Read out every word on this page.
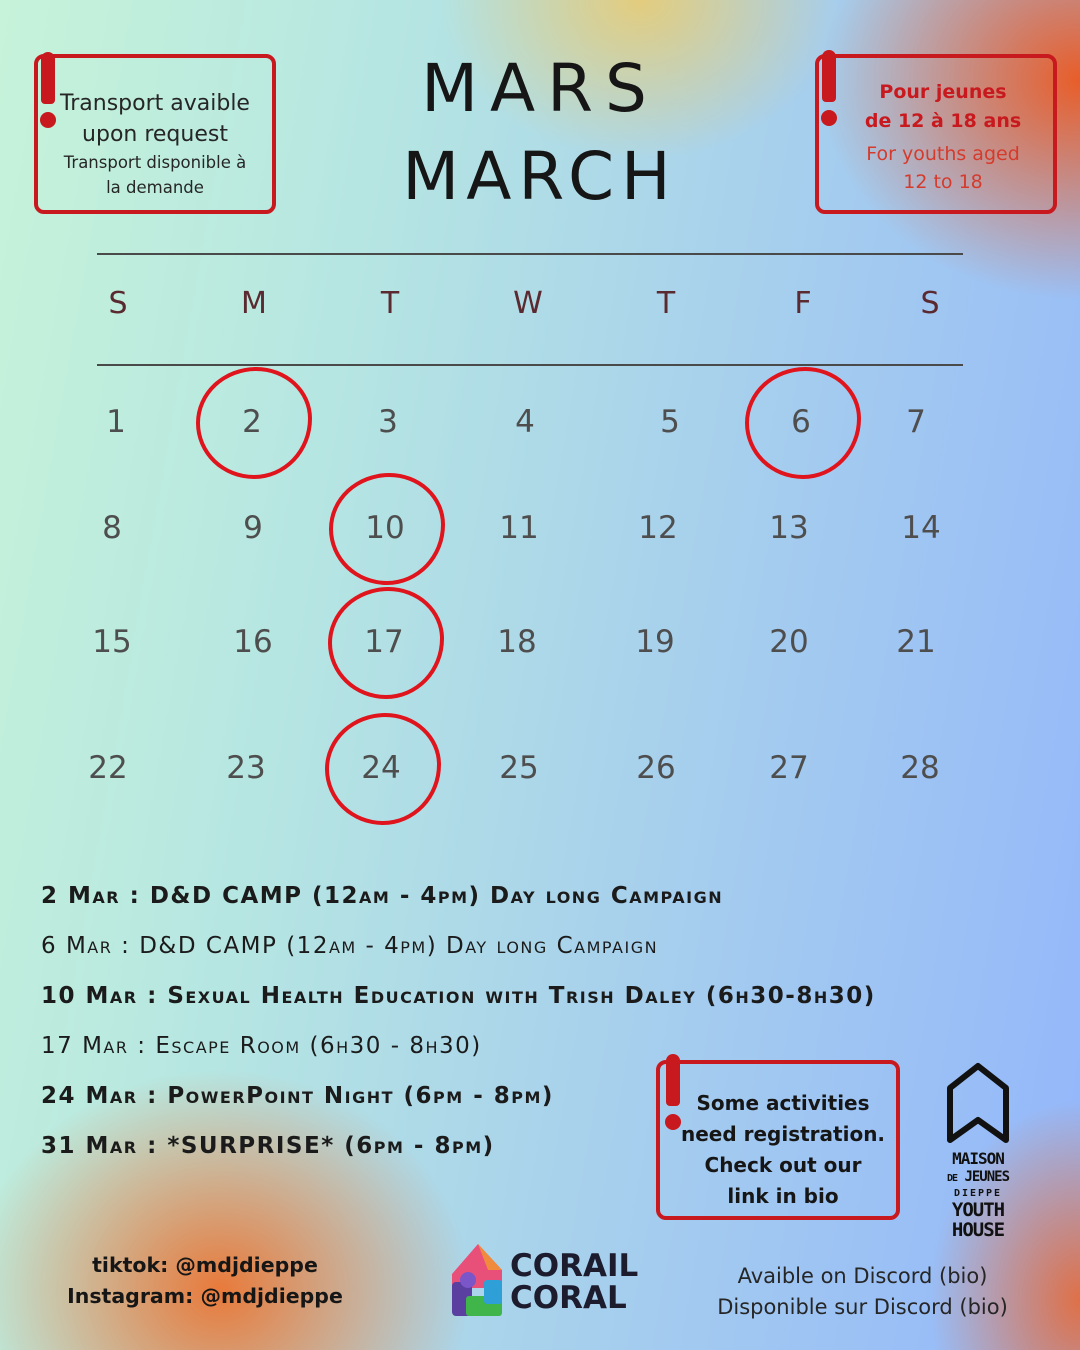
Transport avaible
upon request
Transport disponible à
la demande
MARS
MARCH
Pour jeunes
de 12 à 18 ans
For youths aged
12 to 18
S	M	T	W	T	F	S
1	2	3	4	5	6	7
8	9	10	11	12	13	14
15	16	17	18	19	20	21
22	23	24	25	26	27	28
2 Mar : D&D CAMP (12am - 4pm) Day long Campaign
6 Mar : D&D CAMP (12am - 4pm) Day long Campaign
10 Mar : Sexual Health Education with Trish Daley (6h30-8h30)
17 Mar : Escape Room (6h30 - 8h30)
24 Mar : PowerPoint Night (6pm - 8pm)
31 Mar : *SURPRISE* (6pm - 8pm)
Some activities
need registration.
Check out our
link in bio
MAISON
DE JEUNES
DIEPPE
YOUTH
HOUSE
CORAIL
CORAL
tiktok: @mdjdieppe
Instagram: @mdjdieppe
Avaible on Discord (bio)
Disponible sur Discord (bio)
